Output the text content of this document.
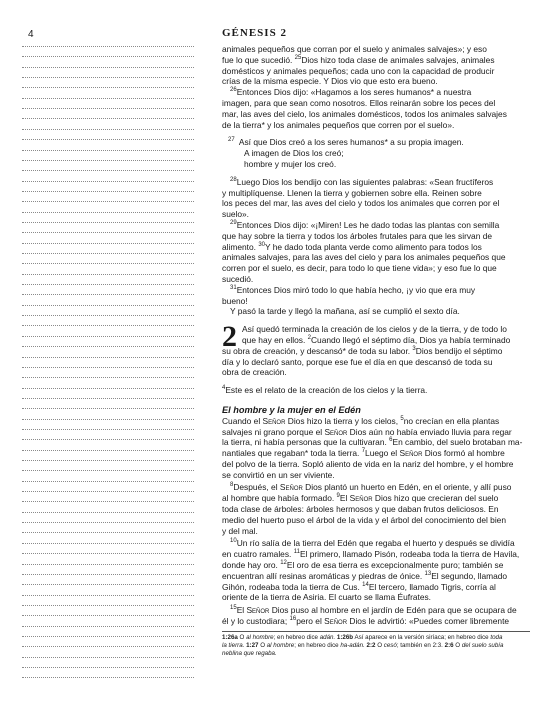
4	GÉNESIS 2

animales pequeños que corran por el suelo y animales salvajes»; y eso
fue lo que sucedió. $^{25}$Dios hizo toda clase de animales salvajes, animales
domésticos y animales pequeños; cada uno con la capacidad de producir
crías de la misma especie. Y Dios vio que esto era bueno.

$^{26}$Entonces Dios dijo: «Hagamos a los seres humanos* a nuestra
imagen, para que sean como nosotros. Ellos reinarán sobre los peces del
mar, las aves del cielo, los animales domésticos, todos los animales salvajes
de la tierra* y los animales pequeños que corren por el suelo».

$^{27}$ Así que Dios creó a los seres humanos* a su propia imagen.

A imagen de Dios los creó;

hombre y mujer los creó.

$^{28}$Luego Dios los bendijo con las siguientes palabras: «Sean fructíferos
y multiplíquense. Llenen la tierra y gobiernen sobre ella. Reinen sobre
los peces del mar, las aves del cielo y todos los animales que corren por el
suelo».

$^{29}$Entonces Dios dijo: «¡Miren! Les he dado todas las plantas con semilla
que hay sobre la tierra y todos los árboles frutales para que les sirvan de
alimento. $^{30}$Y he dado toda planta verde como alimento para todos los
animales salvajes, para las aves del cielo y para los animales pequeños que
corren por el suelo, es decir, para todo lo que tiene vida»; y eso fue lo que
sucedió.

$^{31}$Entonces Dios miró todo lo que había hecho, ¡y vio que era muy
bueno!
Y pasó la tarde y llegó la mañana, así se cumplió el sexto día.

2 Así quedó terminada la creación de los cielos y de la tierra, y de todo lo
que hay en ellos. $^2$Cuando llegó el séptimo día, Dios ya había terminado
su obra de creación, y descansó* de toda su labor. $^3$Dios bendijo el séptimo
día y lo declaró santo, porque ese fue el día en que descansó de toda su
obra de creación.

$^4$Este es el relato de la creación de los cielos y la tierra.

El hombre y la mujer en el Edén

Cuando el Señor Dios hizo la tierra y los cielos, $^5$no crecían en ella plantas
salvajes ni grano porque el Señor Dios aún no había enviado lluvia para regar
la tierra, ni había personas que la cultivaran. $^6$En cambio, del suelo brotaban ma-
nantiales que regaban* toda la tierra. $^7$Luego el Señor Dios formó al hombre
del polvo de la tierra. Sopló aliento de vida en la nariz del hombre, y el hombre
se convirtió en un ser viviente.

$^8$Después, el Señor Dios plantó un huerto en Edén, en el oriente, y allí puso
al hombre que había formado. $^9$El Señor Dios hizo que crecieran del suelo
toda clase de árboles: árboles hermosos y que daban frutos deliciosos. En
medio del huerto puso el árbol de la vida y el árbol del conocimiento del bien
y del mal.

$^{10}$Un río salía de la tierra del Edén que regaba el huerto y después se dividía
en cuatro ramales. $^{11}$El primero, llamado Pisón, rodeaba toda la tierra de Havila,
donde hay oro. $^{12}$El oro de esa tierra es excepcionalmente puro; también se
encuentran allí resinas aromáticas y piedras de ónice. $^{13}$El segundo, llamado
Gihón, rodeaba toda la tierra de Cus. $^{14}$El tercero, llamado Tigris, corría al
oriente de la tierra de Asiria. El cuarto se llama Éufrates.

$^{15}$El Señor Dios puso al hombre en el jardín de Edén para que se ocupara de
él y lo custodiara; $^{16}$pero el Señor Dios le advirtió: «Puedes comer libremente

1:26a O al hombre; en hebreo dice adán. 1:26b Así aparece en la versión siríaca; en hebreo dice toda
la tierra. 1:27 O al hombre; en hebreo dice ha-adán. 2:2 O cesó; también en 2:3. 2:6 O del suelo subía
neblina que regaba.
